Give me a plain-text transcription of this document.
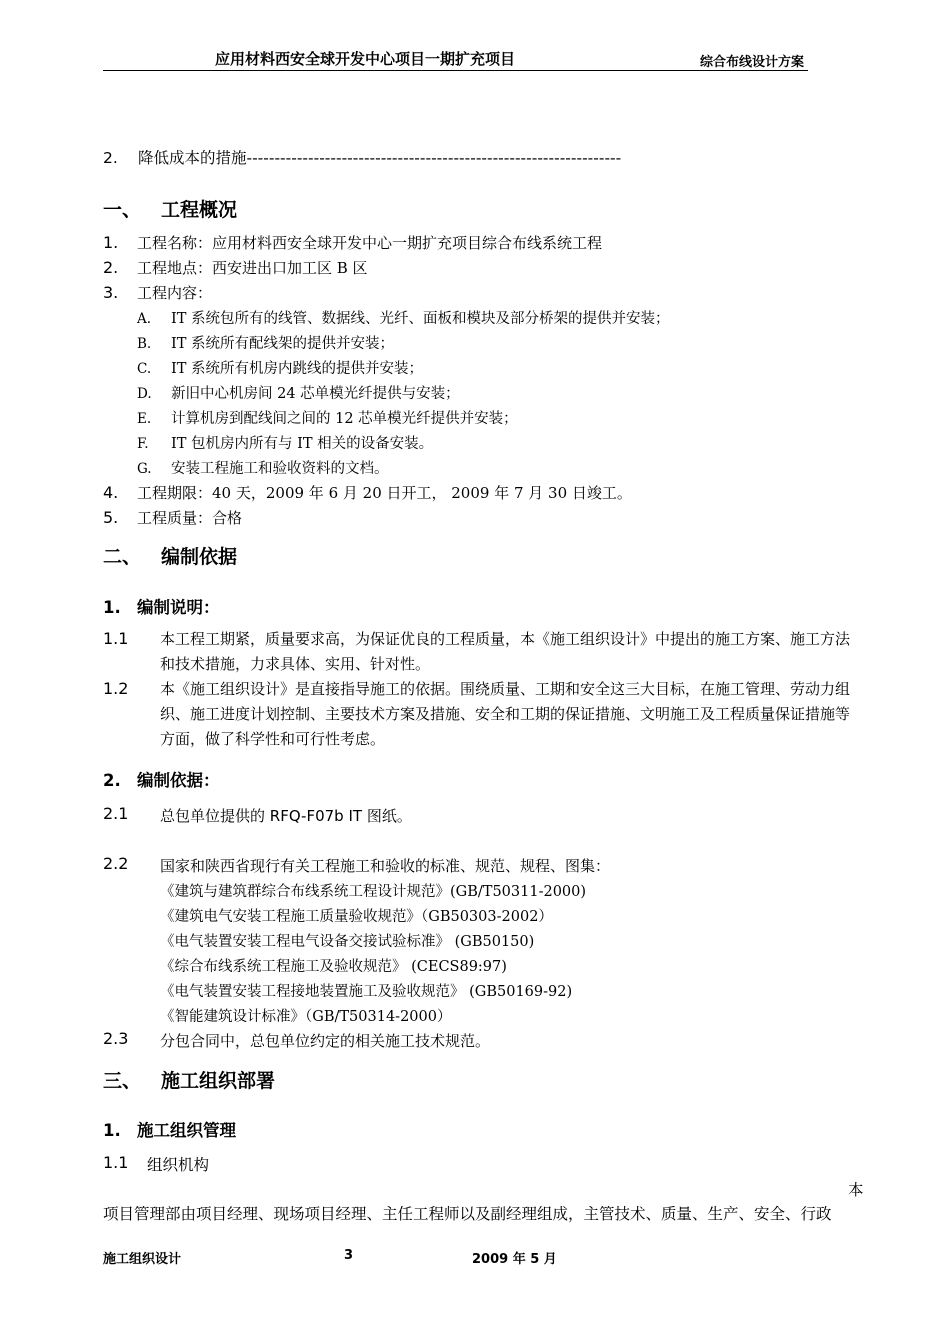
应用材料西安全球开发中心项目一期扩充项目	综合布线设计方案
2. 降低成本的措施-------------------------------------------------------------------
一、 工程概况
1. 工程名称：应用材料西安全球开发中心一期扩充项目综合布线系统工程
2. 工程地点：西安进出口加工区 B 区
3. 工程内容：
A. IT 系统包所有的线管、数据线、光纤、面板和模块及部分桥架的提供并安装；
B. IT 系统所有配线架的提供并安装；
C. IT 系统所有机房内跳线的提供并安装；
D. 新旧中心机房间 24 芯单模光纤提供与安装；
E. 计算机房到配线间之间的 12 芯单模光纤提供并安装；
F. IT 包机房内所有与 IT 相关的设备安装。
G. 安装工程施工和验收资料的文档。
4. 工程期限：40 天，2009 年 6 月 20 日开工， 2009 年 7 月 30 日竣工。
5. 工程质量：合格
二、 编制依据
1. 编制说明：
1.1 本工程工期紧，质量要求高，为保证优良的工程质量，本《施工组织设计》中提出的施工方案、施工方法和技术措施，力求具体、实用、针对性。
1.2 本《施工组织设计》是直接指导施工的依据。围绕质量、工期和安全这三大目标，在施工管理、劳动力组织、施工进度计划控制、主要技术方案及措施、安全和工期的保证措施、文明施工及工程质量保证措施等方面，做了科学性和可行性考虑。
2. 编制依据：
2.1 总包单位提供的 RFQ-F07b IT 图纸。
2.2 国家和陕西省现行有关工程施工和验收的标准、规范、规程、图集：
《建筑与建筑群综合布线系统工程设计规范》(GB/T50311-2000)
《建筑电气安装工程施工质量验收规范》（GB50303-2002）
《电气装置安装工程电气设备交接试验标准》 (GB50150)
《综合布线系统工程施工及验收规范》 (CECS89:97)
《电气装置安装工程接地装置施工及验收规范》 (GB50169-92)
《智能建筑设计标准》（GB/T50314-2000）
2.3 分包合同中，总包单位约定的相关施工技术规范。
三、 施工组织部署
1. 施工组织管理
1.1 组织机构
本
项目管理部由项目经理、现场项目经理、主任工程师以及副经理组成，主管技术、质量、生产、安全、行政
施工组织设计	3	2009 年 5 月
